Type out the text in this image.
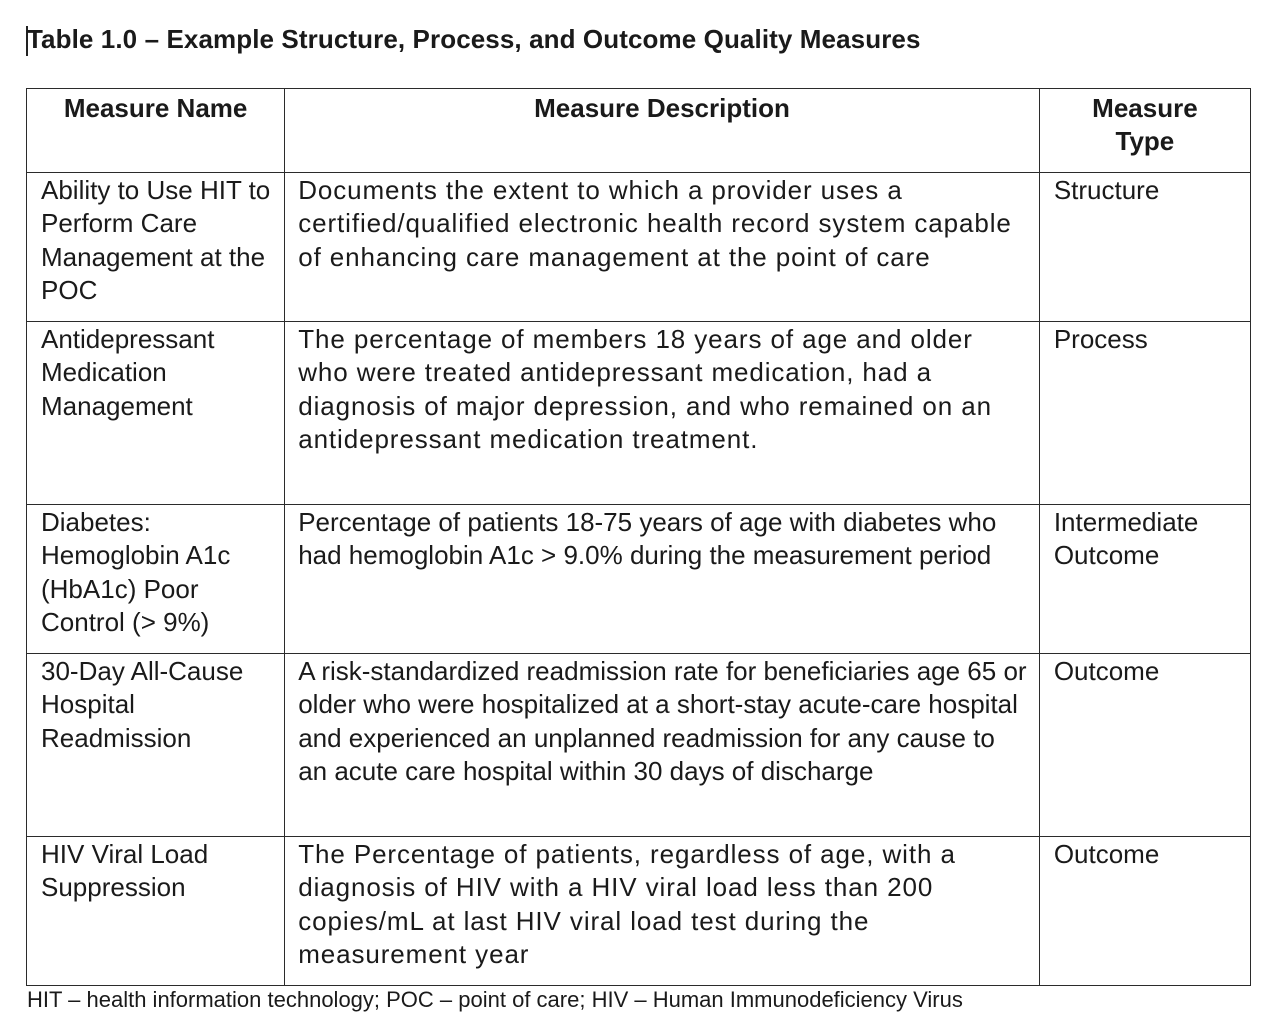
Table 1.0 – Example Structure, Process, and Outcome Quality Measures
Measure Name	Measure Description	Measure
Type

Ability to Use HIT to Perform Care Management at the POC	Documents the extent to which a provider uses a certified/qualified electronic health record system capable of enhancing care management at the point of care	Structure

Antidepressant Medication Management	The percentage of members 18 years of age and older who were treated antidepressant medication, had a diagnosis of major depression, and who remained on an antidepressant medication treatment.	Process

Diabetes: Hemoglobin A1c (HbA1c) Poor Control (> 9%)	Percentage of patients 18-75 years of age with diabetes who had hemoglobin A1c > 9.0% during the measurement period	Intermediate Outcome

30-Day All-Cause Hospital Readmission	A risk-standardized readmission rate for beneficiaries age 65 or older who were hospitalized at a short-stay acute-care hospital and experienced an unplanned readmission for any cause to an acute care hospital within 30 days of discharge	Outcome

HIV Viral Load Suppression	The Percentage of patients, regardless of age, with a diagnosis of HIV with a HIV viral load less than 200 copies/mL at last HIV viral load test during the measurement year	Outcome
HIT – health information technology; POC – point of care; HIV – Human Immunodeficiency Virus
